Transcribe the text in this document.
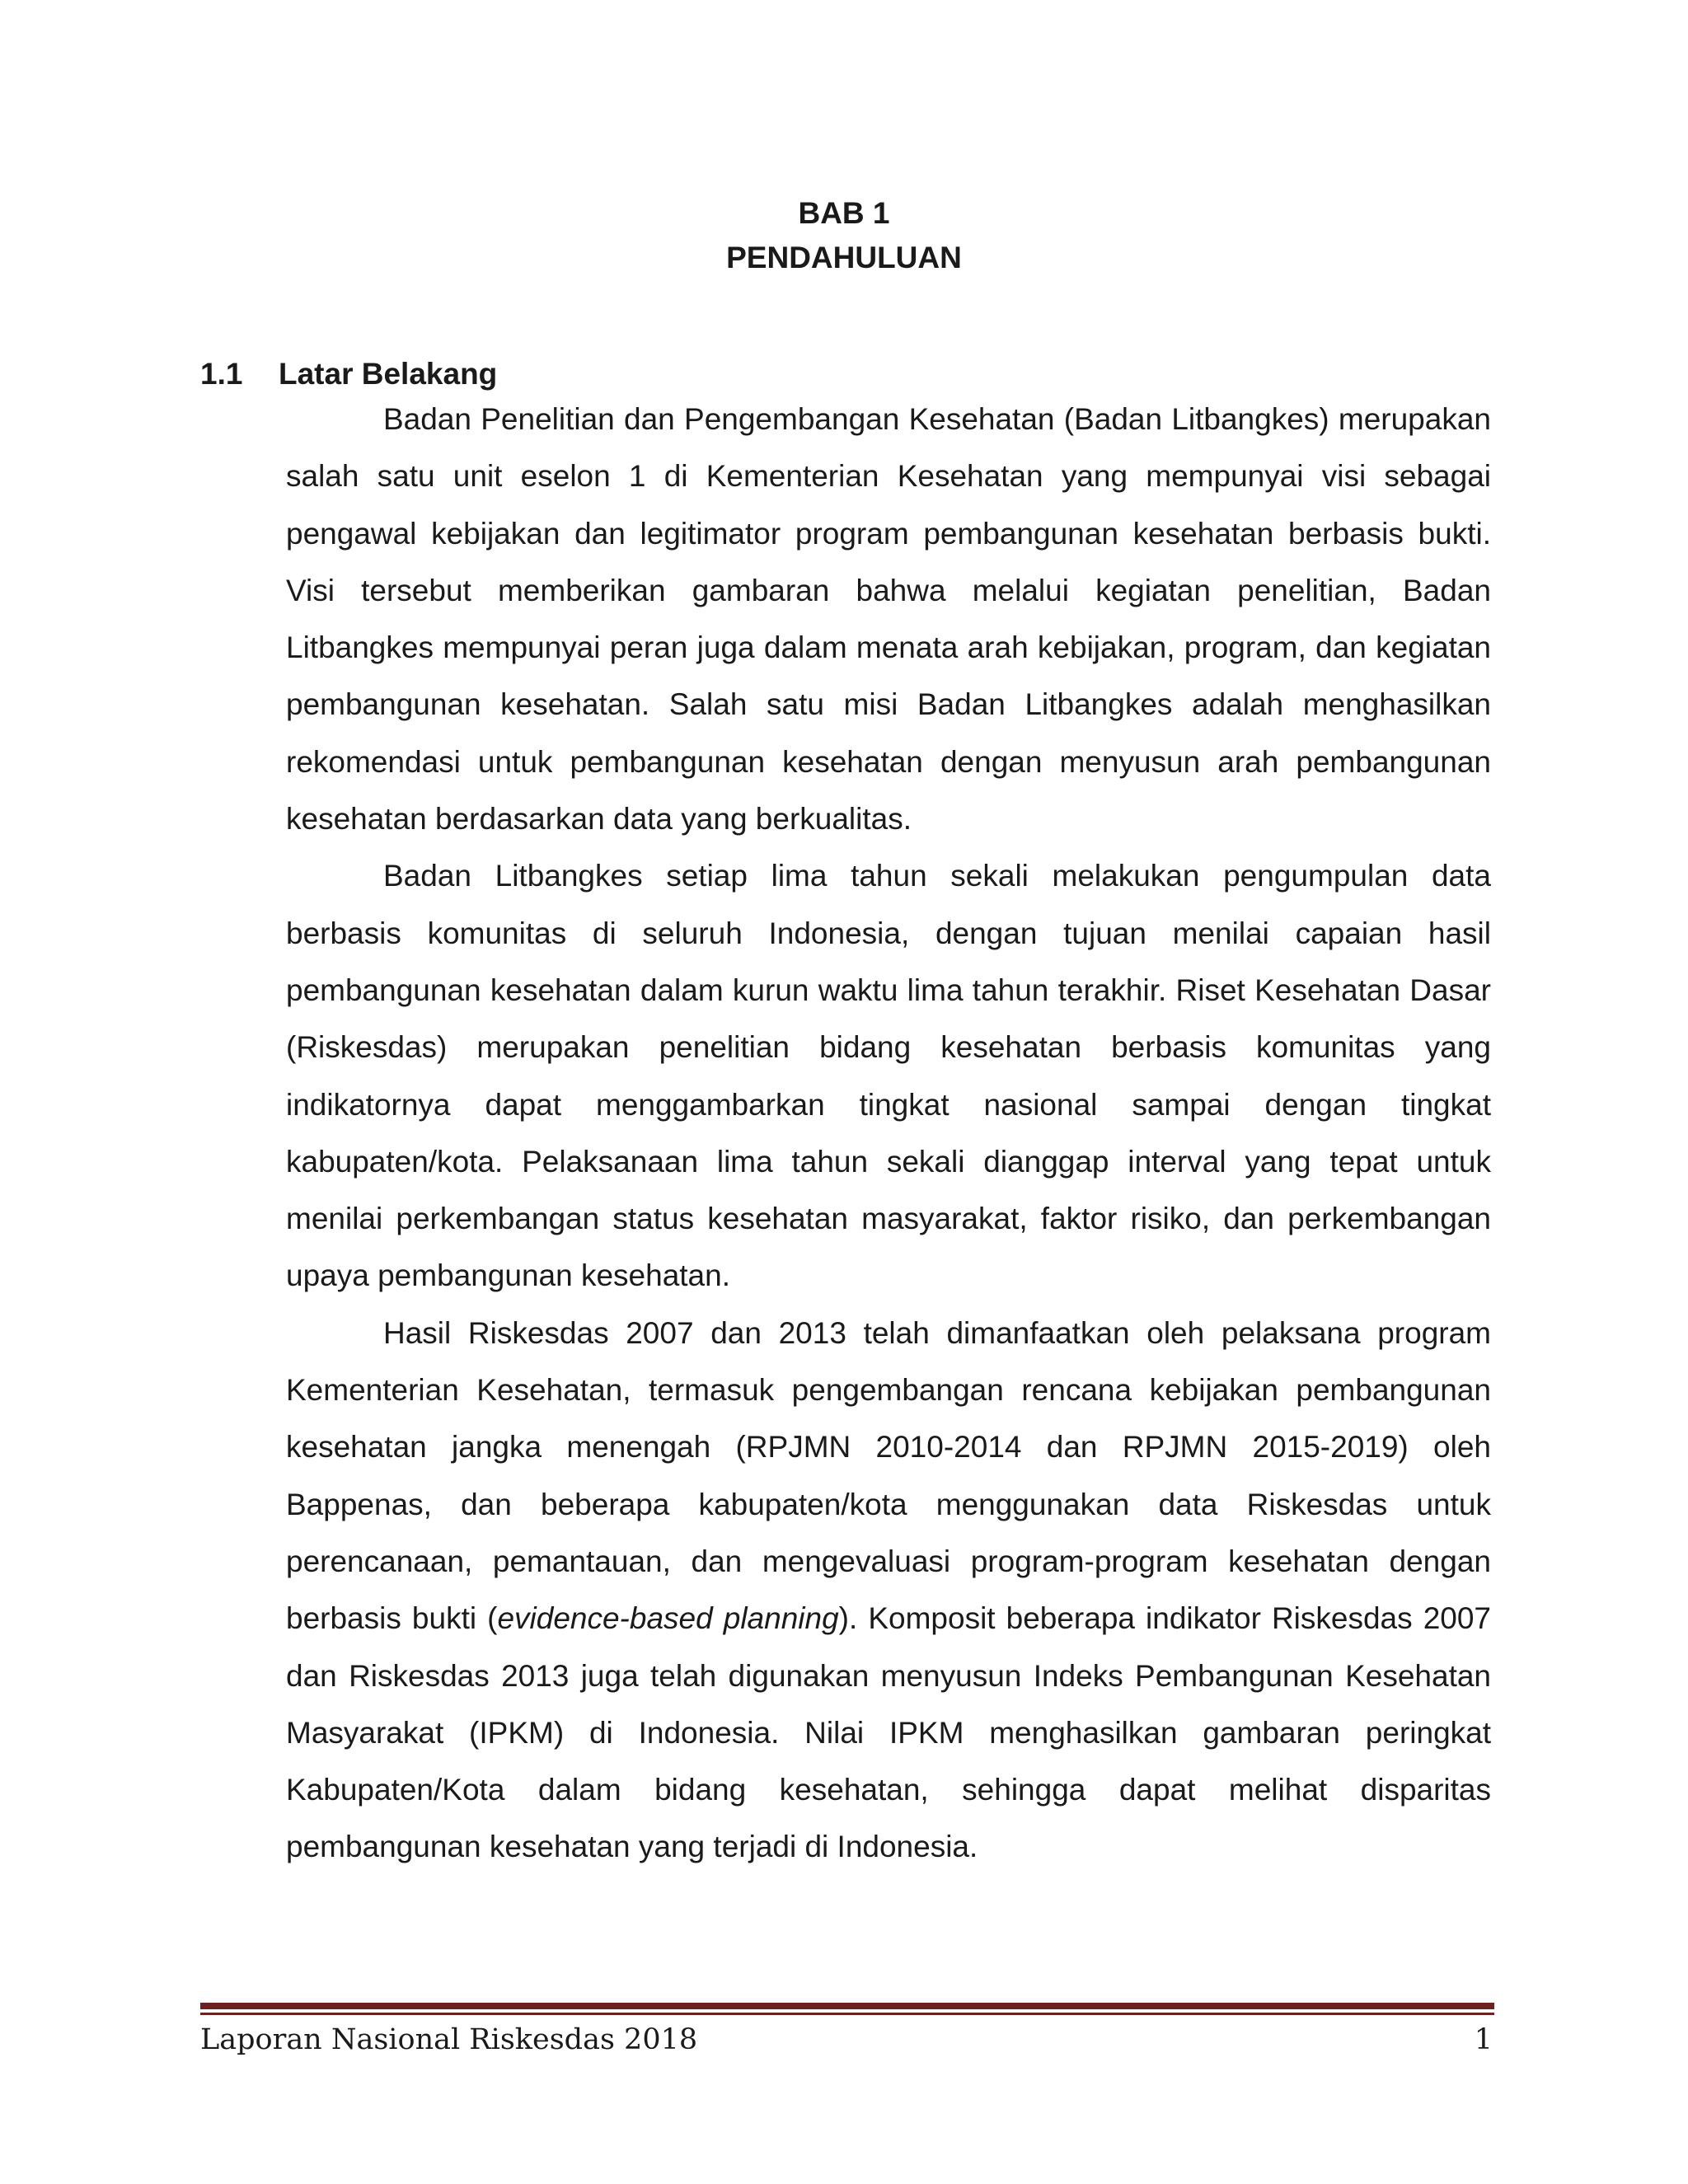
BAB 1
PENDAHULUAN
1.1 Latar Belakang

Badan Penelitian dan Pengembangan Kesehatan (Badan Litbangkes) merupakan salah satu unit eselon 1 di Kementerian Kesehatan yang mempunyai visi sebagai pengawal kebijakan dan legitimator program pembangunan kesehatan berbasis bukti. Visi tersebut memberikan gambaran bahwa melalui kegiatan penelitian, Badan Litbangkes mempunyai peran juga dalam menata arah kebijakan, program, dan kegiatan pembangunan kesehatan. Salah satu misi Badan Litbangkes adalah menghasilkan rekomendasi untuk pembangunan kesehatan dengan menyusun arah pembangunan kesehatan berdasarkan data yang berkualitas.

Badan Litbangkes setiap lima tahun sekali melakukan pengumpulan data berbasis komunitas di seluruh Indonesia, dengan tujuan menilai capaian hasil pembangunan kesehatan dalam kurun waktu lima tahun terakhir. Riset Kesehatan Dasar (Riskesdas) merupakan penelitian bidang kesehatan berbasis komunitas yang indikatornya dapat menggambarkan tingkat nasional sampai dengan tingkat kabupaten/kota. Pelaksanaan lima tahun sekali dianggap interval yang tepat untuk menilai perkembangan status kesehatan masyarakat, faktor risiko, dan perkembangan upaya pembangunan kesehatan.

Hasil Riskesdas 2007 dan 2013 telah dimanfaatkan oleh pelaksana program Kementerian Kesehatan, termasuk pengembangan rencana kebijakan pembangunan kesehatan jangka menengah (RPJMN 2010-2014 dan RPJMN 2015-2019) oleh Bappenas, dan beberapa kabupaten/kota menggunakan data Riskesdas untuk perencanaan, pemantauan, dan mengevaluasi program-program kesehatan dengan berbasis bukti (evidence-based planning). Komposit beberapa indikator Riskesdas 2007 dan Riskesdas 2013 juga telah digunakan menyusun Indeks Pembangunan Kesehatan Masyarakat (IPKM) di Indonesia. Nilai IPKM menghasilkan gambaran peringkat Kabupaten/Kota dalam bidang kesehatan, sehingga dapat melihat disparitas pembangunan kesehatan yang terjadi di Indonesia.

Laporan Nasional Riskesdas 2018	1
